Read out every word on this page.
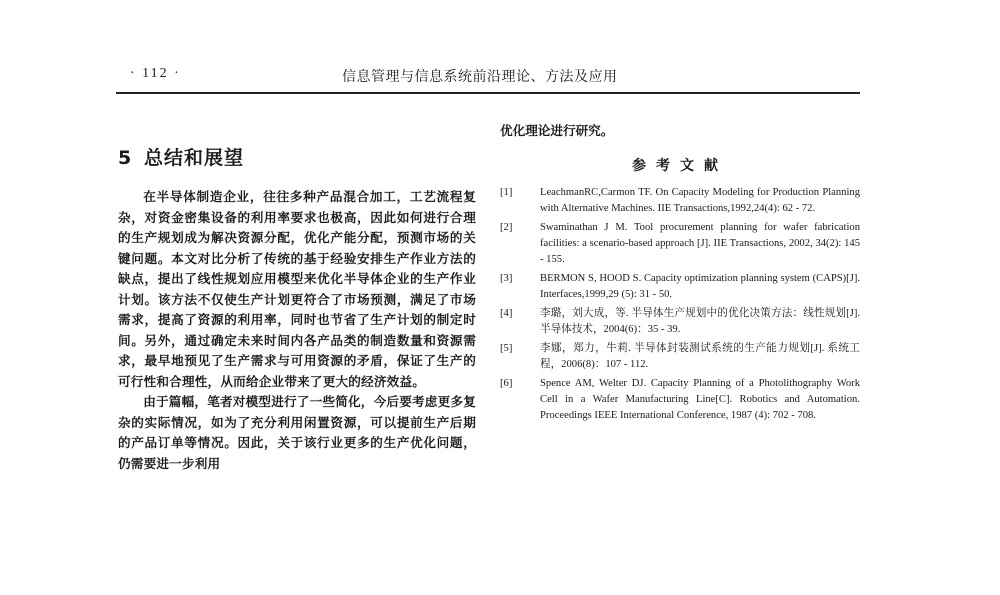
· 112 ·	信息管理与信息系统前沿理论、方法及应用
5 总结和展望

在半导体制造企业，往往多种产品混合加工，工艺流程复杂，对资金密集设备的利用率要求也极高，因此如何进行合理的生产规划成为解决资源分配，优化产能分配，预测市场的关键问题。本文对比分析了传统的基于经验安排生产作业方法的缺点，提出了线性规划应用模型来优化半导体企业的生产作业计划。该方法不仅使生产计划更符合了市场预测，满足了市场需求，提高了资源的利用率，同时也节省了生产计划的制定时间。另外，通过确定未来时间内各产品类的制造数量和资源需求，最早地预见了生产需求与可用资源的矛盾，保证了生产的可行性和合理性，从而给企业带来了更大的经济效益。

由于篇幅，笔者对模型进行了一些简化，今后要考虑更多复杂的实际情况，如为了充分利用闲置资源，可以提前生产后期的产品订单等情况。因此，关于该行业更多的生产优化问题，仍需要进一步利用

优化理论进行研究。

参考文献
[1]	LeachmanRC,Carmon TF. On Capacity Modeling for Production Planning with Alternative Machines. IIE Transactions,1992,24(4): 62 - 72.
[2]	Swaminathan J M. Tool procurement planning for wafer fabrication facilities: a scenario-based approach [J]. IIE Transactions, 2002, 34(2): 145 - 155.
[3]	BERMON S, HOOD S. Capacity optimization planning system (CAPS)[J]. Interfaces,1999,29 (5): 31 - 50.
[4]	李璐，刘大成，等. 半导体生产规划中的优化决策方法：线性规划[J]. 半导体技术，2004(6)：35 - 39.
[5]	李娜，郑力，牛莉. 半导体封装测试系统的生产能力规划[J]. 系统工程，2006(8)：107 - 112.
[6]	Spence AM, Welter DJ. Capacity Planning of a Photolithography Work Cell in a Wafer Manufacturing Line[C]. Robotics and Automation. Proceedings IEEE International Conference, 1987 (4): 702 - 708.
